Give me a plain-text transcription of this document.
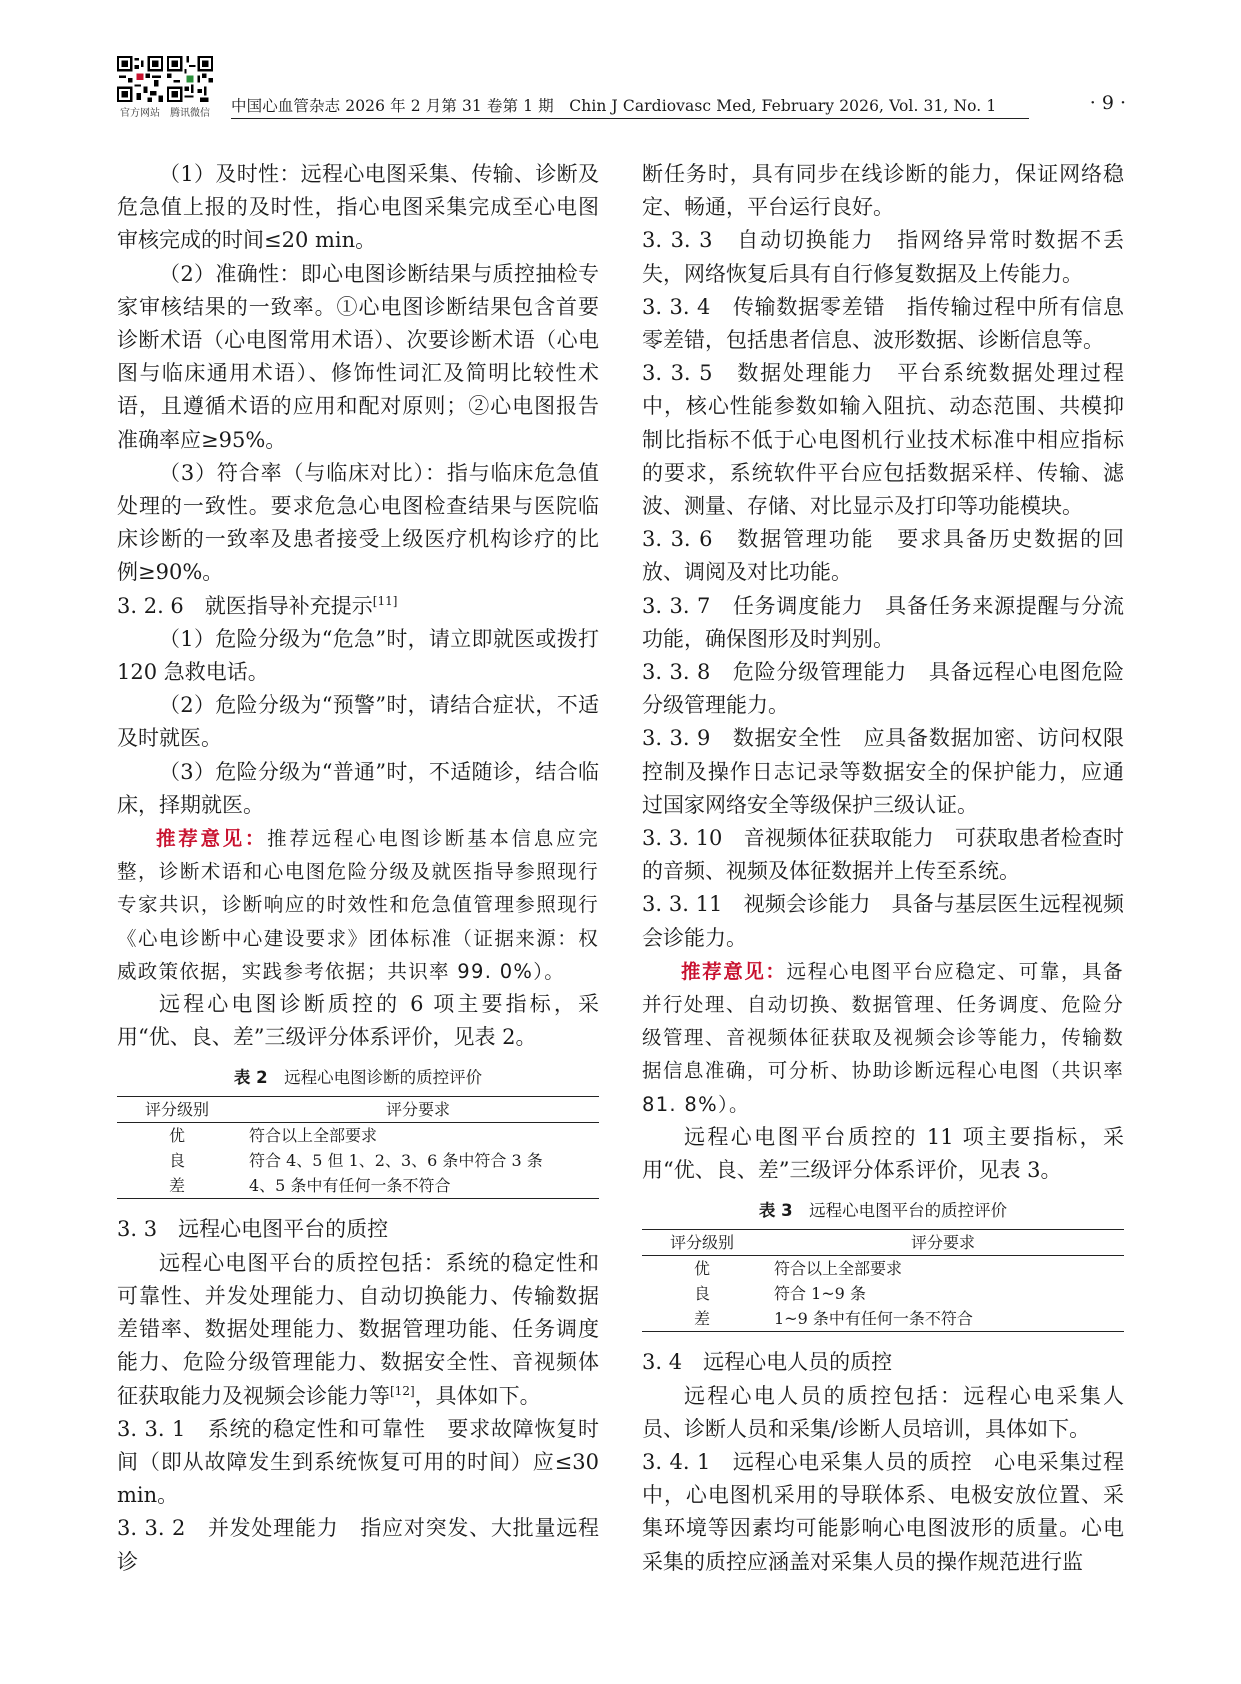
官方网站	腾讯微信	中国心血管杂志 2026 年 2 月第 31 卷第 1 期　Chin J Cardiovasc Med, February 2026, Vol. 31, No. 1	· 9 ·

（1）及时性：远程心电图采集、传输、诊断及危急值上报的及时性，指心电图采集完成至心电图审核完成的时间≤20 min。

（2）准确性：即心电图诊断结果与质控抽检专家审核结果的一致率。①心电图诊断结果包含首要诊断术语（心电图常用术语）、次要诊断术语（心电图与临床通用术语）、修饰性词汇及简明比较性术语，且遵循术语的应用和配对原则；②心电图报告准确率应≥95%。

（3）符合率（与临床对比）：指与临床危急值处理的一致性。要求危急心电图检查结果与医院临床诊断的一致率及患者接受上级医疗机构诊疗的比例≥90%。

3. 2. 6　就医指导补充提示[11]

（1）危险分级为“危急”时，请立即就医或拨打 120 急救电话。

（2）危险分级为“预警”时，请结合症状，不适及时就医。

（3）危险分级为“普通”时，不适随诊，结合临床，择期就医。

推荐意见：推荐远程心电图诊断基本信息应完整，诊断术语和心电图危险分级及就医指导参照现行专家共识，诊断响应的时效性和危急值管理参照现行《心电诊断中心建设要求》团体标准（证据来源：权威政策依据，实践参考依据；共识率 99. 0%）。

远程心电图诊断质控的 6 项主要指标，采用“优、良、差”三级评分体系评价，见表 2。

表 2　 远程心电图诊断的质控评价
评分级别	评分要求
优	符合以上全部要求
良	符合 4、5 但 1、2、3、6 条中符合 3 条
差	4、5 条中有任何一条不符合

3. 3　远程心电图平台的质控

远程心电图平台的质控包括：系统的稳定性和可靠性、并发处理能力、自动切换能力、传输数据差错率、数据处理能力、数据管理功能、任务调度能力、危险分级管理能力、数据安全性、音视频体征获取能力及视频会诊能力等[12]，具体如下。

3. 3. 1　系统的稳定性和可靠性　要求故障恢复时间（即从故障发生到系统恢复可用的时间）应≤30 min。

3. 3. 2　并发处理能力　指应对突发、大批量远程诊

断任务时，具有同步在线诊断的能力，保证网络稳定、畅通，平台运行良好。

3. 3. 3　自动切换能力　指网络异常时数据不丢失，网络恢复后具有自行修复数据及上传能力。

3. 3. 4　传输数据零差错　指传输过程中所有信息零差错，包括患者信息、波形数据、诊断信息等。

3. 3. 5　数据处理能力　平台系统数据处理过程中，核心性能参数如输入阻抗、动态范围、共模抑制比指标不低于心电图机行业技术标准中相应指标的要求，系统软件平台应包括数据采样、传输、滤波、测量、存储、对比显示及打印等功能模块。

3. 3. 6　数据管理功能　要求具备历史数据的回放、调阅及对比功能。

3. 3. 7　任务调度能力　具备任务来源提醒与分流功能，确保图形及时判别。

3. 3. 8　危险分级管理能力　具备远程心电图危险分级管理能力。

3. 3. 9　数据安全性　应具备数据加密、访问权限控制及操作日志记录等数据安全的保护能力，应通过国家网络安全等级保护三级认证。

3. 3. 10　音视频体征获取能力　可获取患者检查时的音频、视频及体征数据并上传至系统。

3. 3. 11　视频会诊能力　具备与基层医生远程视频会诊能力。

推荐意见：远程心电图平台应稳定、可靠，具备并行处理、自动切换、数据管理、任务调度、危险分级管理、音视频体征获取及视频会诊等能力，传输数据信息准确，可分析、协助诊断远程心电图（共识率 81. 8%）。

远程心电图平台质控的 11 项主要指标，采用“优、良、差”三级评分体系评价，见表 3。

表 3　 远程心电图平台的质控评价
评分级别	评分要求
优	符合以上全部要求
良	符合 1~9 条
差	1~9 条中有任何一条不符合

3. 4　远程心电人员的质控

远程心电人员的质控包括：远程心电采集人员、诊断人员和采集/诊断人员培训，具体如下。

3. 4. 1　远程心电采集人员的质控　心电采集过程中，心电图机采用的导联体系、电极安放位置、采集环境等因素均可能影响心电图波形的质量。心电采集的质控应涵盖对采集人员的操作规范进行监
